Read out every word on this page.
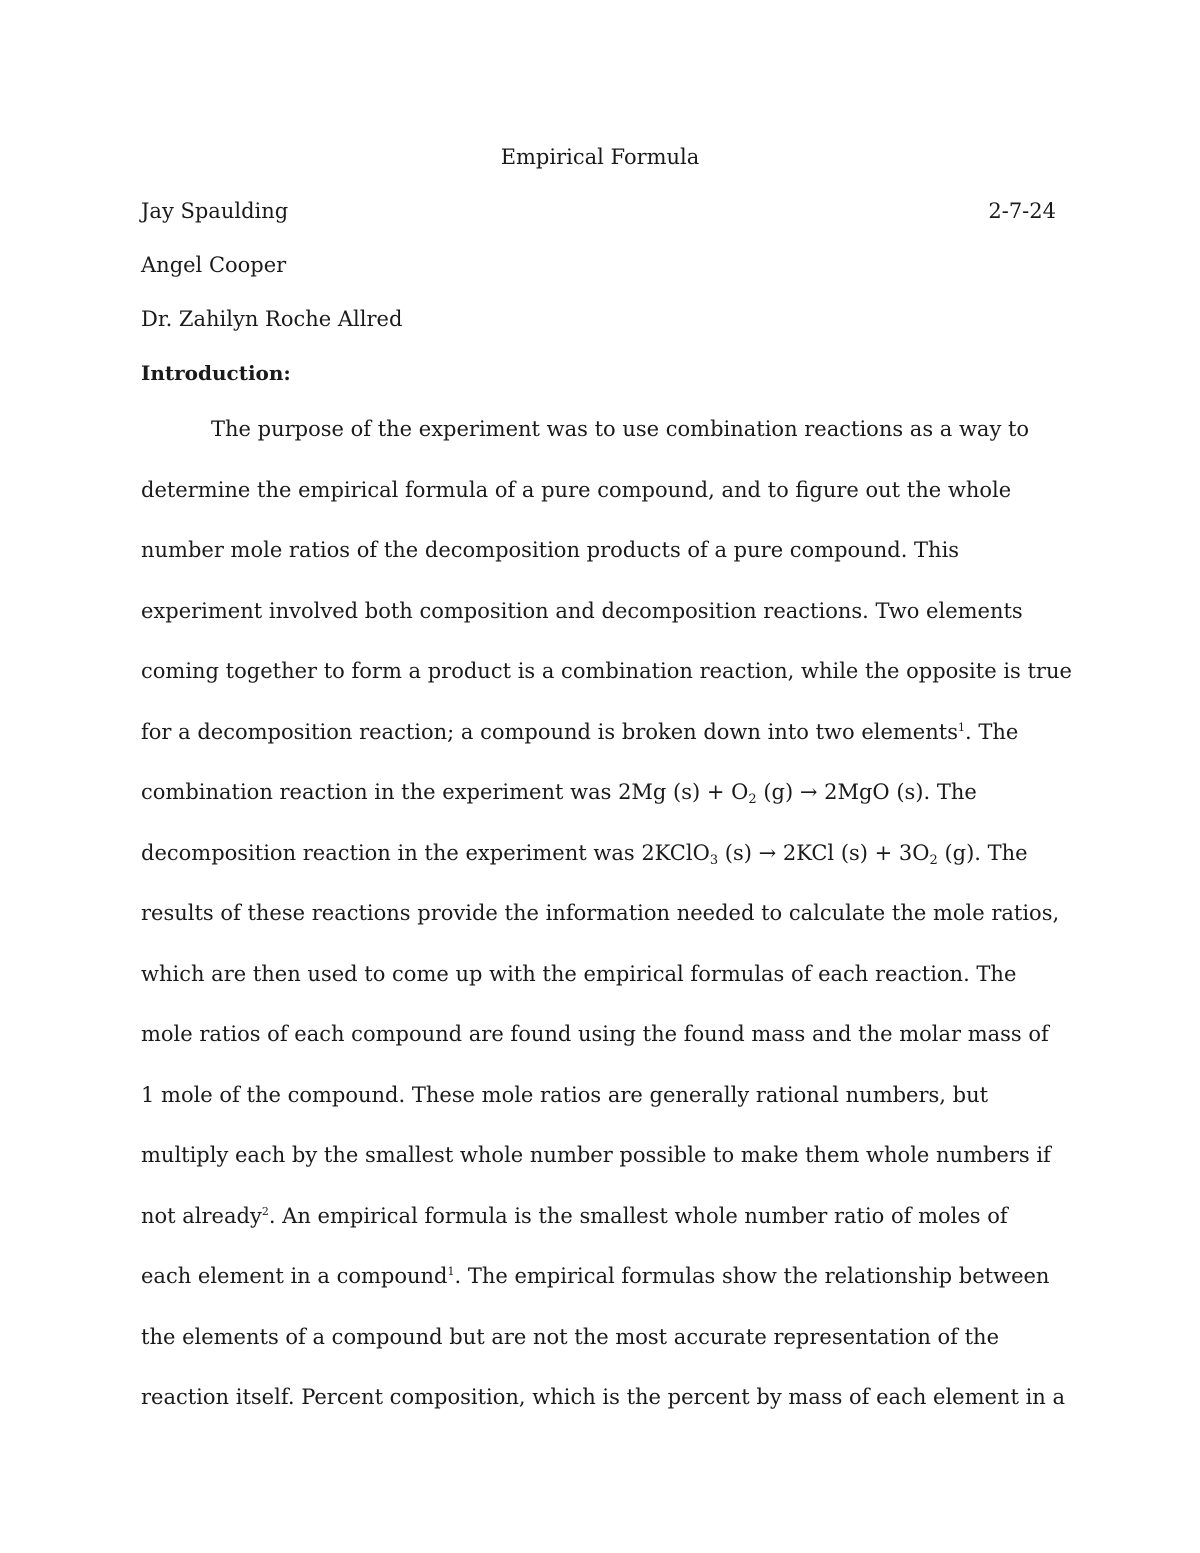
Empirical Formula
Jay Spaulding	2-7-24
Angel Cooper
Dr. Zahilyn Roche Allred
Introduction:

The purpose of the experiment was to use combination reactions as a way to

determine the empirical formula of a pure compound, and to figure out the whole

number mole ratios of the decomposition products of a pure compound. This

experiment involved both composition and decomposition reactions. Two elements

coming together to form a product is a combination reaction, while the opposite is true

for a decomposition reaction; a compound is broken down into two elements$^1$. The

combination reaction in the experiment was 2Mg $(s) + O_2$ (g) → 2MgO (s). The

decomposition reaction in the experiment was 2KClO$_3$ (s) → 2KCl $(s) + 3O_2$ (g). The

results of these reactions provide the information needed to calculate the mole ratios,

which are then used to come up with the empirical formulas of each reaction. The

mole ratios of each compound are found using the found mass and the molar mass of

1 mole of the compound. These mole ratios are generally rational numbers, but

multiply each by the smallest whole number possible to make them whole numbers if

not already$^2$. An empirical formula is the smallest whole number ratio of moles of

each element in a compound$^1$. The empirical formulas show the relationship between

the elements of a compound but are not the most accurate representation of the

reaction itself. Percent composition, which is the percent by mass of each element in a
